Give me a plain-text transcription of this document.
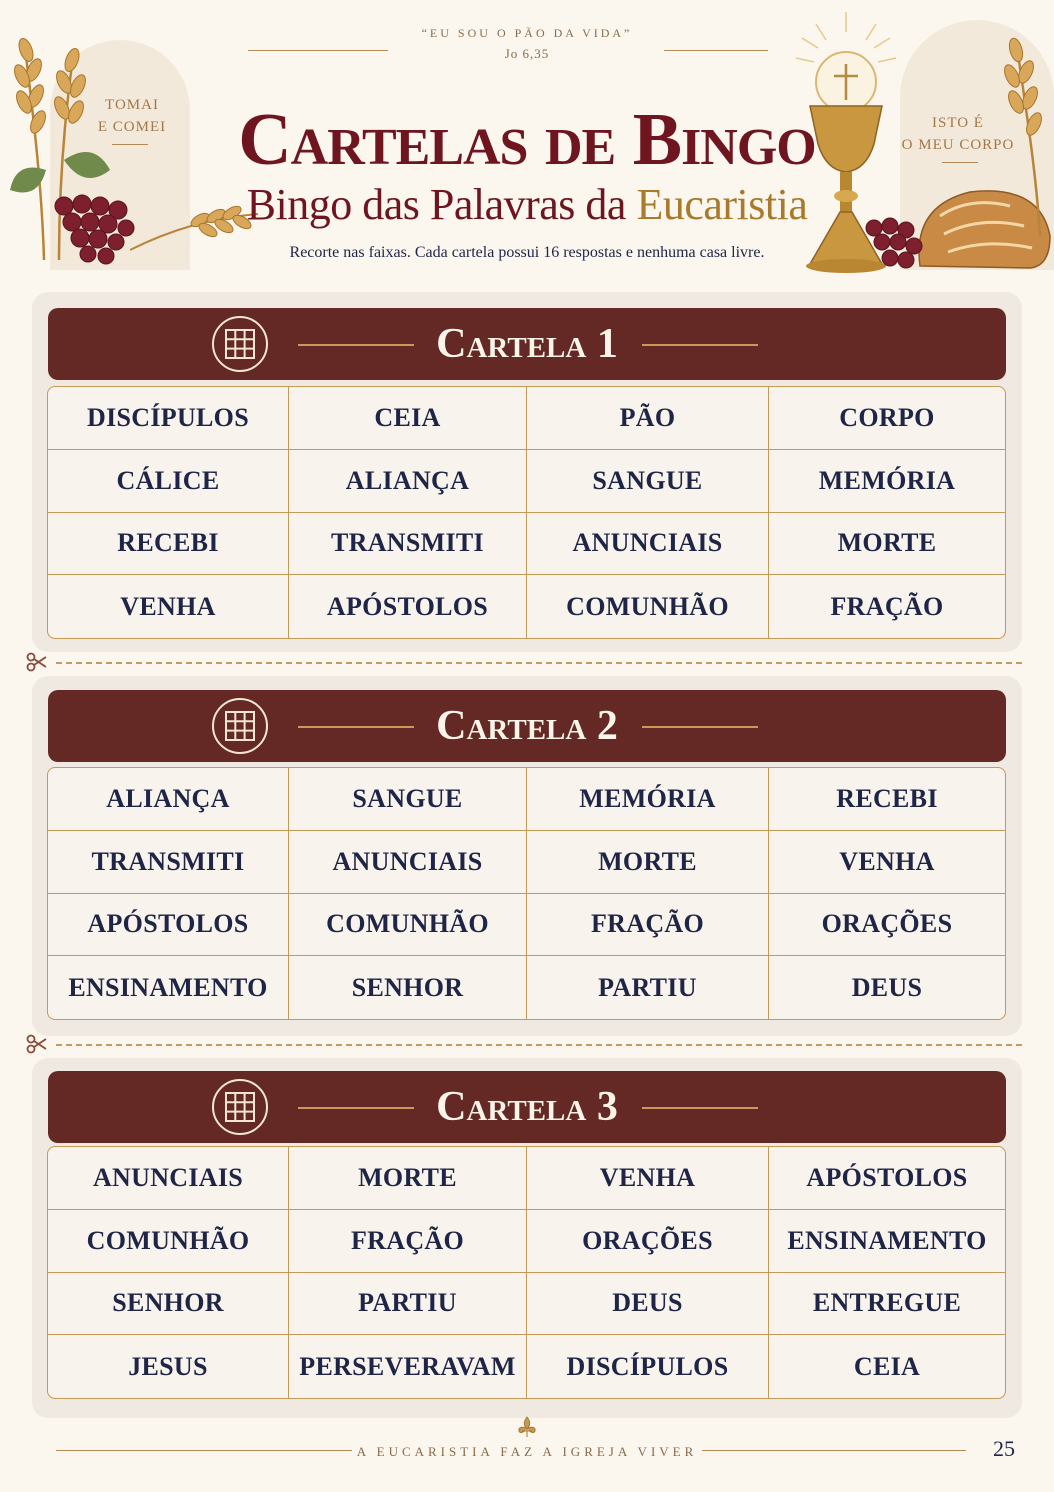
TOMAI
E COMEI	ISTO É
O MEU CORPO
“EU SOU O PÃO DA VIDA”
Jo 6,35
Cartelas de Bingo
Bingo das Palavras da Eucaristia
Recorte nas faixas. Cada cartela possui 16 respostas e nenhuma casa livre.
Cartela 1
DISCÍPULOS	CEIA	PÃO	CORPO
CÁLICE	ALIANÇA	SANGUE	MEMÓRIA
RECEBI	TRANSMITI	ANUNCIAIS	MORTE
VENHA	APÓSTOLOS	COMUNHÃO	FRAÇÃO
Cartela 2
ALIANÇA	SANGUE	MEMÓRIA	RECEBI
TRANSMITI	ANUNCIAIS	MORTE	VENHA
APÓSTOLOS	COMUNHÃO	FRAÇÃO	ORAÇÕES
ENSINAMENTO	SENHOR	PARTIU	DEUS
Cartela 3
ANUNCIAIS	MORTE	VENHA	APÓSTOLOS
COMUNHÃO	FRAÇÃO	ORAÇÕES	ENSINAMENTO
SENHOR	PARTIU	DEUS	ENTREGUE
JESUS	PERSEVERAVAM	DISCÍPULOS	CEIA
A EUCARISTIA FAZ A IGREJA VIVER	25
